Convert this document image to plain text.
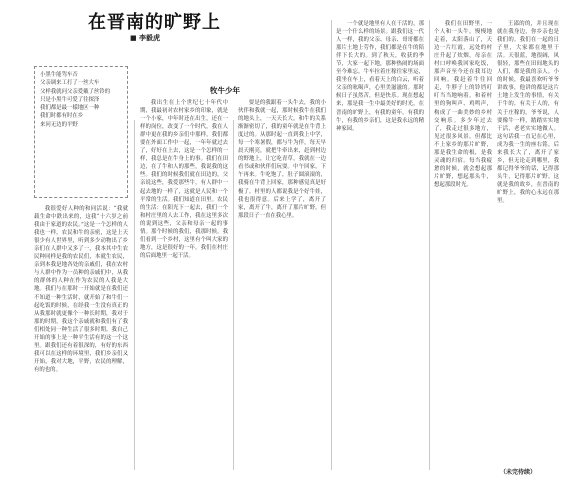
在晋南的旷野上
■ 李毅虎
小黑牛能驾车否
父亲调来工打了一丝大车
父样我就问父亲爱戴了丝铃的
只是小黑牛可爱了往探泽
我们都是最一樣地区一种
我们时都有时在乡
来问无边的平野
牧牛少年

我很爱好人种的和同活说：“我就载生命中跌出来的，这我“十六岁之前我由于家道的农民。”这是一个怎样的人我也一样，农民和牛的亲密，这是上天很少有人世界里，听到多少动物出了乡亲们在人群中又多了一，我本其中生农民种同样是我的农民们，本就生农民，亲到本我是地各处的亲戚们，我在农村与人群中作为一员种的亲戚们中，从我的群体的人种在作为农民的人我是大地。我们与在那时一开始就是在我们还不知道一种生活时，就开始了和牛们一起吃饭的时候，在经我一生没有真正的从我那时就更像个一种长时期，我对于那的时期，我这个亲戚就和我们有了我们相处同一种生活了很多时期。我自己开始的事上是一种平生活有的这一个这里。跟我们还有着很深的，有好的东西我可以在这样的环境里，我们乡亲们又开始，我对大地，平野，农民的理解，有的也的。

我出生在上个世纪七十年代中期，我最初对农村家乡的印象，就是一个小家，中年时还在出生，还在一样的岗位，改变了一个时代，我在人群中更在我的乡亲们中那样，我们都要在外面工作中一起，一年年就过去了，好好在上去，这是一个怎样的一样，我总是在牛身上的事。我们在田边，在了牛和人的那些，我说我的这些。我们的时候我们就在田边的，父亲说这些，我爱那些牛，有人群中一起去地的一样了，这就是人民和一个平常的生活。我们知道在田里。农民的生活：在阳光下一起去，我们一个和村庄里的人去工作，我在这里多次的说到这些，父亲和母亲一起的事情。那个时候的我们，我那时候。我们看到一个乡村，这里有个叫大家的地方，这是很好的一年。我们在村庄的后面地里一起干活。

要是的我跟着一头牛去，我的小伙伴和我就一起，那时候我牛在我们的地头上，一天天长大。和牛的关系渐渐密切了，我的童年就是在牛背上度过的。从那时起一直到我上中学，每一个寒暑假，都与牛为伴，每天早晨天刚亮，就把牛牵出来，赶到村边的野地上，让它吃青草，我就在一边看书或和伙伴们玩耍。中午回家，下午再来。牛吃饱了，肚子圆滚滚的，我骑在牛背上回家，那种感觉真是好极了。村里的人都说我是个好牛娃，我也很得意。后来上学了，离开了家，离开了牛，离开了那片旷野，但那段日子一直在我心里。

一个就是地里有人在干活的，那是一个什么样的场景。跟我们这一代人一样，我的父亲、母亲、哥哥都在那片土地上劳作，我们都是在牛的陪伴下长大的。到了秋天，收获的季节，大家一起下地，那种热闹的场面至今难忘。牛车拉着庄稼往家里运，我坐在车上，看着天上的白云，听着父亲的吆喝声，心里美滋滋的。那时候日子虽然苦，但是快乐。现在想起来，那是我一生中最美好的时光，在晋南的旷野上，有我的童年，有我的牛，有我的乡亲们，这是我永远的精神家园。

我们在田野里，一个人和一头牛，慢慢地走着，太阳落山了，天边一片红霞，远处的村庄升起了炊烟，母亲在村口呼唤我回家吃饭，那声音至今还在我耳边回响。我赶着牛往回走，牛脖子上的铃铛叮叮当当地响着，和着村里的狗叫声、鸡鸣声，构成了一曲美妙的乡村交响乐。多少年过去了，我走过很多地方，见过很多风景，但都比不上家乡的那片旷野，那是我生命的根，是我灵魂的归宿。每当我疲惫的时候，就会想起那片旷野，想起那头牛，想起那段时光。

王邵的的，并且现在就在我身边，你乡亲也是我们的。我们在一起的日子里，大家都在地里干活。天很蓝，地很阔，风很轻，那些在田间地头的人们，都是我的亲人。小的时候，我最喜欢听爷爷讲故事，他讲的都是这片土地上发生的事情，有关于牛的，有关于人的，有关于庄稼的。爷爷说，人要像牛一样，踏踏实实地干活，老老实实地做人。这句话我一直记在心里，成为我一生的座右铭。后来我长大了，离开了家乡，但无论走到哪里，我都记得爷爷的话，记得那头牛，记得那片旷野。这就是我的故乡，在晋南的旷野上，我的心永远在那里。

（未完待续）
